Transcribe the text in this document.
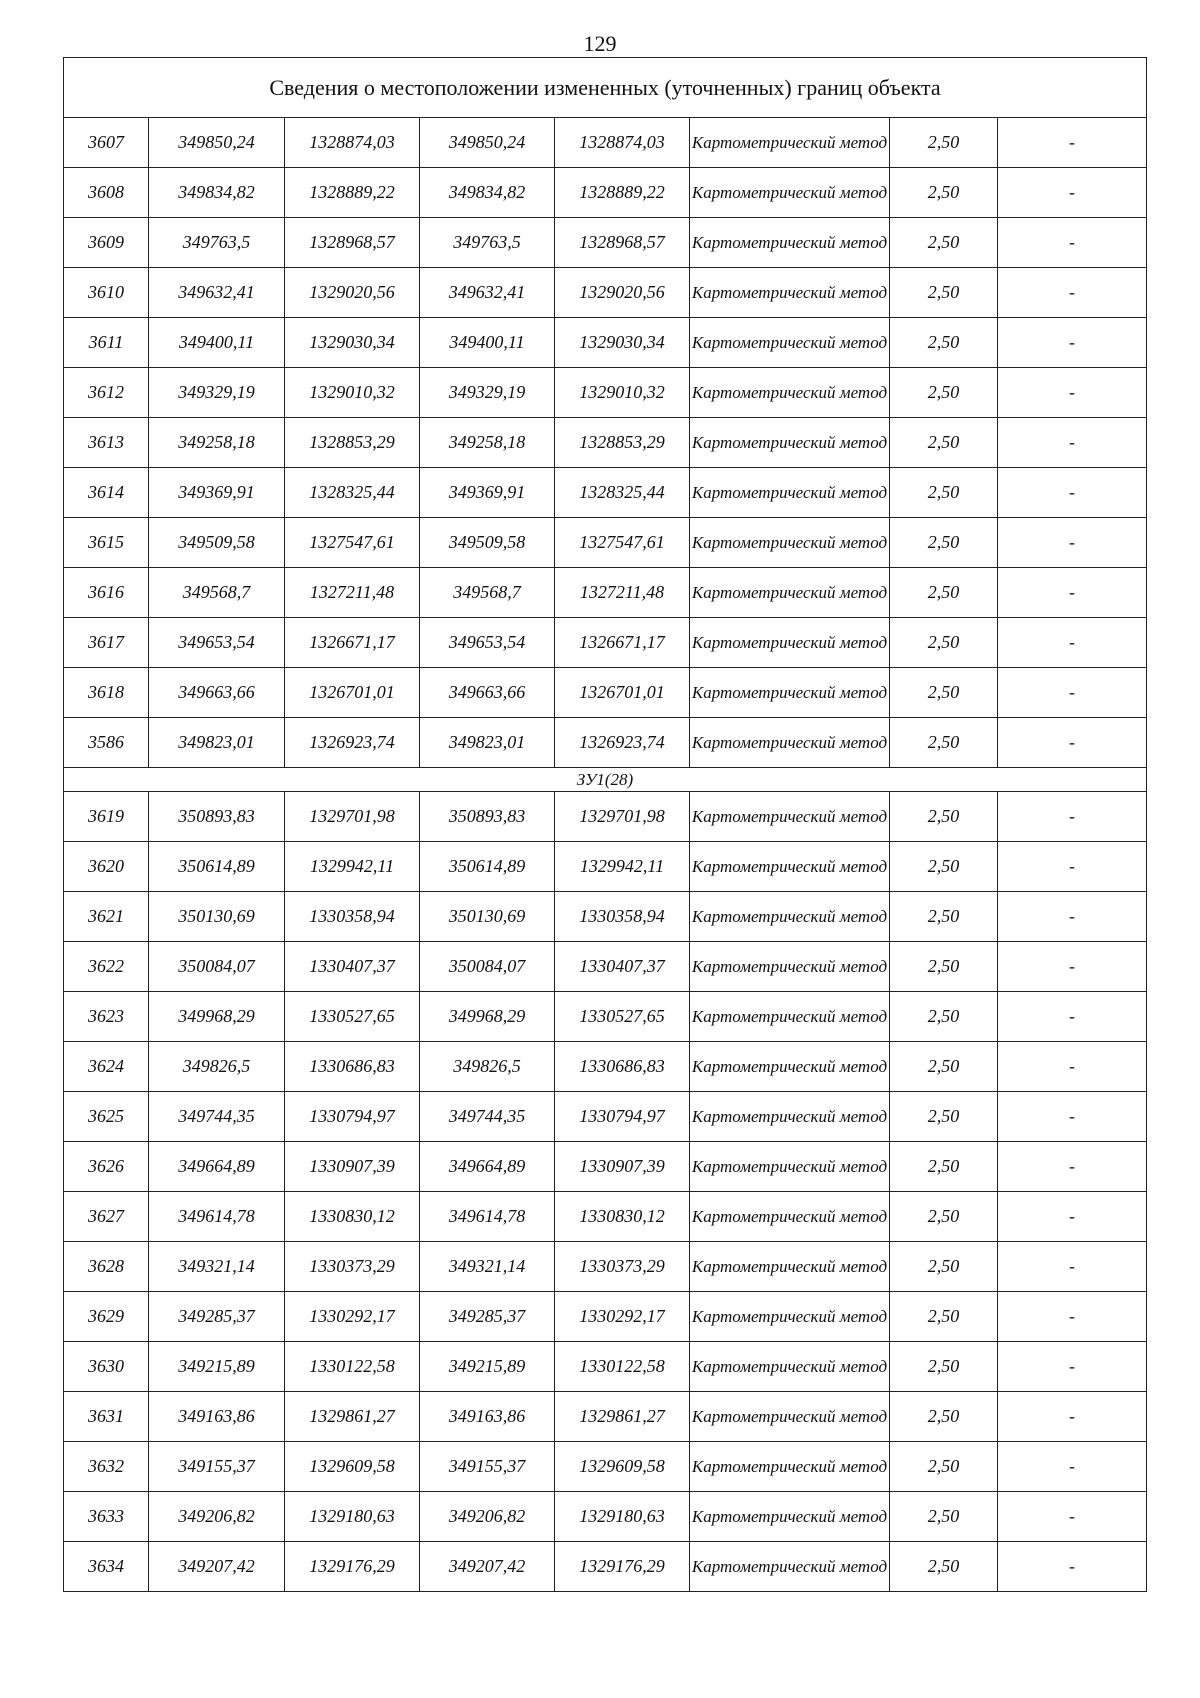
129
Сведения о местоположении измененных (уточненных) границ объекта							
3607	349850,24	1328874,03	349850,24	1328874,03	Картометрический метод	2,50	-
3608	349834,82	1328889,22	349834,82	1328889,22	Картометрический метод	2,50	-
3609	349763,5	1328968,57	349763,5	1328968,57	Картометрический метод	2,50	-
3610	349632,41	1329020,56	349632,41	1329020,56	Картометрический метод	2,50	-
3611	349400,11	1329030,34	349400,11	1329030,34	Картометрический метод	2,50	-
3612	349329,19	1329010,32	349329,19	1329010,32	Картометрический метод	2,50	-
3613	349258,18	1328853,29	349258,18	1328853,29	Картометрический метод	2,50	-
3614	349369,91	1328325,44	349369,91	1328325,44	Картометрический метод	2,50	-
3615	349509,58	1327547,61	349509,58	1327547,61	Картометрический метод	2,50	-
3616	349568,7	1327211,48	349568,7	1327211,48	Картометрический метод	2,50	-
3617	349653,54	1326671,17	349653,54	1326671,17	Картометрический метод	2,50	-
3618	349663,66	1326701,01	349663,66	1326701,01	Картометрический метод	2,50	-
3586	349823,01	1326923,74	349823,01	1326923,74	Картометрический метод	2,50	-
ЗУ1(28)							
3619	350893,83	1329701,98	350893,83	1329701,98	Картометрический метод	2,50	-
3620	350614,89	1329942,11	350614,89	1329942,11	Картометрический метод	2,50	-
3621	350130,69	1330358,94	350130,69	1330358,94	Картометрический метод	2,50	-
3622	350084,07	1330407,37	350084,07	1330407,37	Картометрический метод	2,50	-
3623	349968,29	1330527,65	349968,29	1330527,65	Картометрический метод	2,50	-
3624	349826,5	1330686,83	349826,5	1330686,83	Картометрический метод	2,50	-
3625	349744,35	1330794,97	349744,35	1330794,97	Картометрический метод	2,50	-
3626	349664,89	1330907,39	349664,89	1330907,39	Картометрический метод	2,50	-
3627	349614,78	1330830,12	349614,78	1330830,12	Картометрический метод	2,50	-
3628	349321,14	1330373,29	349321,14	1330373,29	Картометрический метод	2,50	-
3629	349285,37	1330292,17	349285,37	1330292,17	Картометрический метод	2,50	-
3630	349215,89	1330122,58	349215,89	1330122,58	Картометрический метод	2,50	-
3631	349163,86	1329861,27	349163,86	1329861,27	Картометрический метод	2,50	-
3632	349155,37	1329609,58	349155,37	1329609,58	Картометрический метод	2,50	-
3633	349206,82	1329180,63	349206,82	1329180,63	Картометрический метод	2,50	-
3634	349207,42	1329176,29	349207,42	1329176,29	Картометрический метод	2,50	-
